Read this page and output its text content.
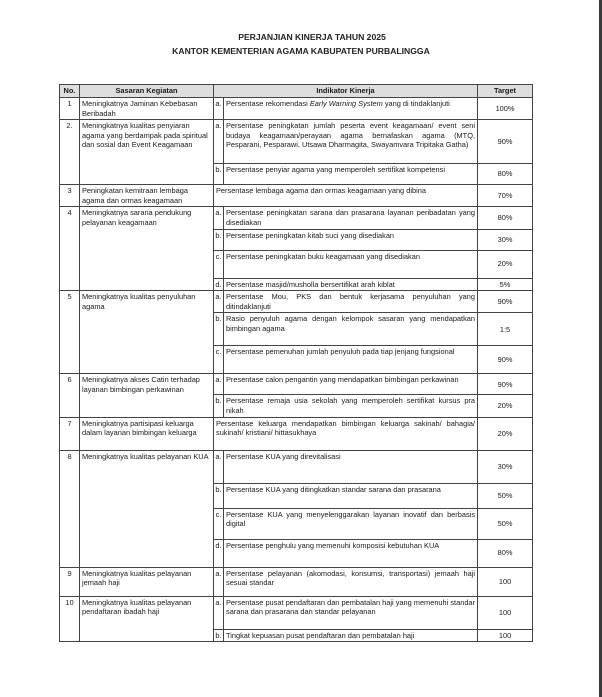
PERJANJIAN KINERJA TAHUN 2025
KANTOR KEMENTERIAN AGAMA KABUPATEN PURBALINGGA
No.	Sasaran Kegiatan	Indikator Kinerja		Target
1	Meningkatnya Jaminan Kebebasan Beribadah	a.	Persentase rekomendasi Early Warning System yang di tindaklanjuti	100%
2.	Meningkatnya kualitas penyiaran agama yang berdampak pada spiritual dan sosial dan Event Keagamaan	a.	Persentase peningkatan jumlah peserta event keagamaan/ event seni budaya keagamaan/perayaan agama bernafaskan agama (MTQ, Pesparani, Pesparawi, Utsawa Dharmagita, Swayamvara Tripitaka Gatha)	90%
		b.	Persentase penyiar agama yang memperoleh sertifikat kompetensi	80%
3	Peningkatan kemitraan lembaga agama dan ormas keagamaan	Persentase lembaga agama dan ormas keagamaan yang dibina		70%
4	Meningkatnya sarana pendukung pelayanan keagamaan	a.	Persentase peningkatan sarana dan prasarana layanan peribadatan yang disediakan	80%
		b.	Persentase peningkatan kitab suci yang disediakan	30%
		c.	Persentase peningkatan buku keagamaan yang disediakan	20%
		d.	Persentase masjid/musholla bersertifikat arah kiblat	5%
5	Meningkatnya kualitas penyuluhan agama	a.	Persentase Mou, PKS dan bentuk kerjasama penyuluhan yang ditindaklanjuti	90%
		b.	Rasio penyuluh agama dengan kelompok sasaran yang mendapatkan bimbingan agama	1:5
		c.	Persentase pemenuhan jumlah penyuluh pada tiap jenjang fungsional	90%
6	Meningkatnya akses Catin terhadap layanan bimbingan perkawinan	a.	Presentase calon pengantin yang mendapatkan bimbingan perkawinan	90%
		b.	Persentase remaja usia sekolah yang memperoleh sertifikat kursus pra nikah	20%
7	Meningkatnya partisipasi keluarga dalam layanan bimbingan keluarga	Persentase keluarga mendapatkan bimbingan keluarga sakinah/ bahagia/ sukinah/ kristiani/ hittasukhaya		20%
8	Meningkatnya kualitas pelayanan KUA	a.	Persentase KUA yang direvitalisasi	30%
		b.	Persentase KUA yang ditingkatkan standar sarana dan prasarana	50%
		c.	Persentase KUA yang menyelenggarakan layanan inovatif dan berbasis digital	50%
		d.	Persentase penghulu yang memenuhi komposisi kebutuhan KUA	80%
9	Meningkatnya kualitas pelayanan jemaah haji	a.	Persentase pelayanan (akomodasi, konsumsi, transportasi) jemaah haji sesuai standar	100
10	Meningkatnya kualitas pelayanan pendaftaran ibadah haji	a.	Persentase pusat pendaftaran dan pembatalan haji yang memenuhi standar sarana dan prasarana dan standar pelayanan	100
		b.	Tingkat kepuasan pusat pendaftaran dan pembatalan haji	100
